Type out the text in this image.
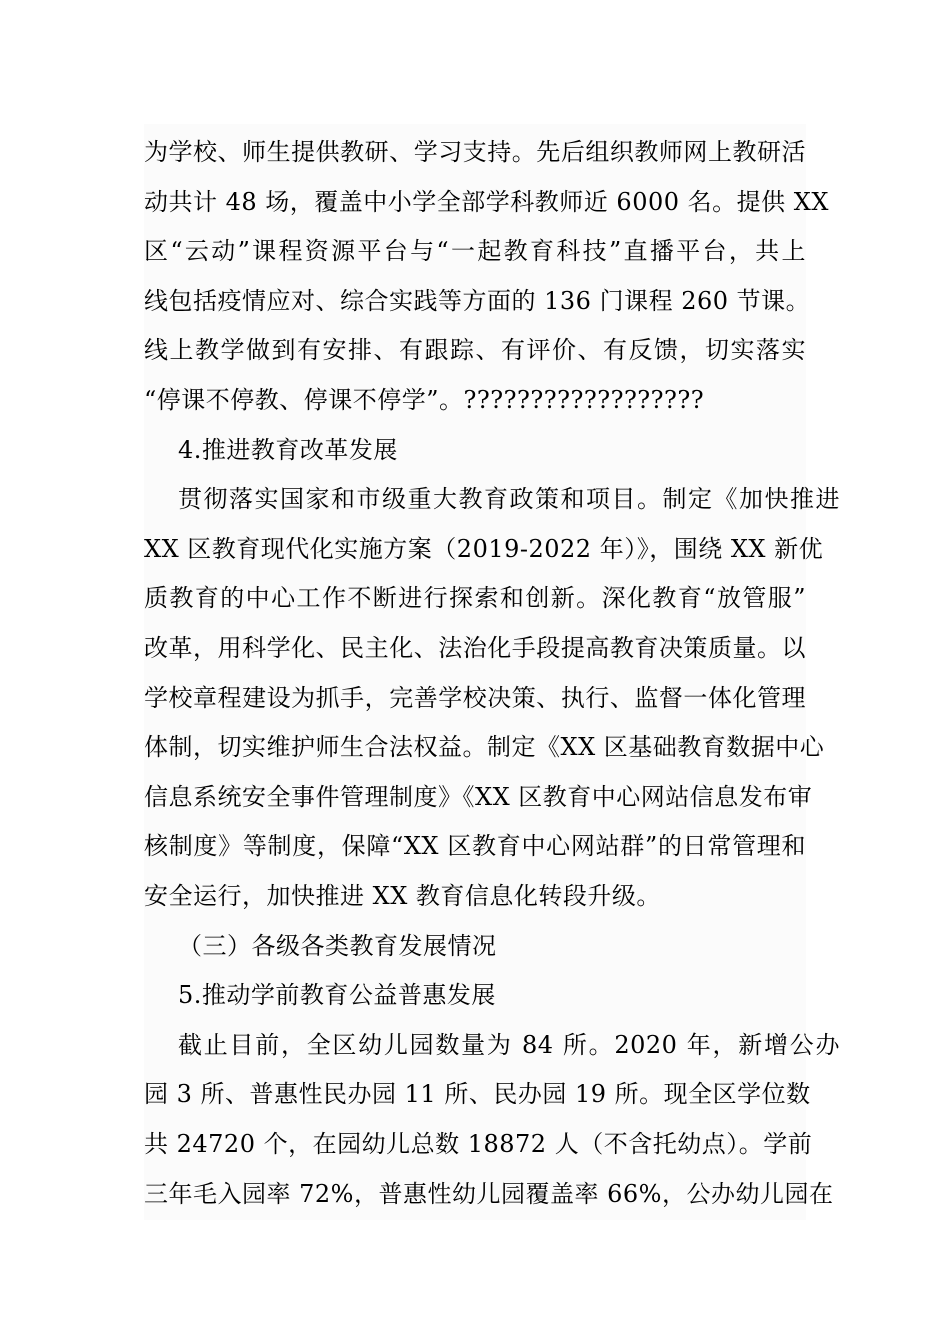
为学校、师生提供教研、学习支持。先后组织教师网上教研活
动共计 48 场，覆盖中小学全部学科教师近 6000 名。提供 XX
区“云动”课程资源平台与“一起教育科技”直播平台，共上
线包括疫情应对、综合实践等方面的 136 门课程 260 节课。
线上教学做到有安排、有跟踪、有评价、有反馈，切实落实
“停课不停教、停课不停学”。??????????????????
4.推进教育改革发展
贯彻落实国家和市级重大教育政策和项目。制定《加快推进
XX 区教育现代化实施方案（2019-2022 年）》，围绕 XX 新优
质教育的中心工作不断进行探索和创新。深化教育“放管服”
改革，用科学化、民主化、法治化手段提高教育决策质量。以
学校章程建设为抓手，完善学校决策、执行、监督一体化管理
体制，切实维护师生合法权益。制定《XX 区基础教育数据中心
信息系统安全事件管理制度》《XX 区教育中心网站信息发布审
核制度》等制度，保障“XX 区教育中心网站群”的日常管理和
安全运行，加快推进 XX 教育信息化转段升级。
（三）各级各类教育发展情况
5.推动学前教育公益普惠发展
截止目前，全区幼儿园数量为 84 所。2020 年，新增公办
园 3 所、普惠性民办园 11 所、民办园 19 所。现全区学位数
共 24720 个，在园幼儿总数 18872 人（不含托幼点）。学前
三年毛入园率 72%，普惠性幼儿园覆盖率 66%，公办幼儿园在
